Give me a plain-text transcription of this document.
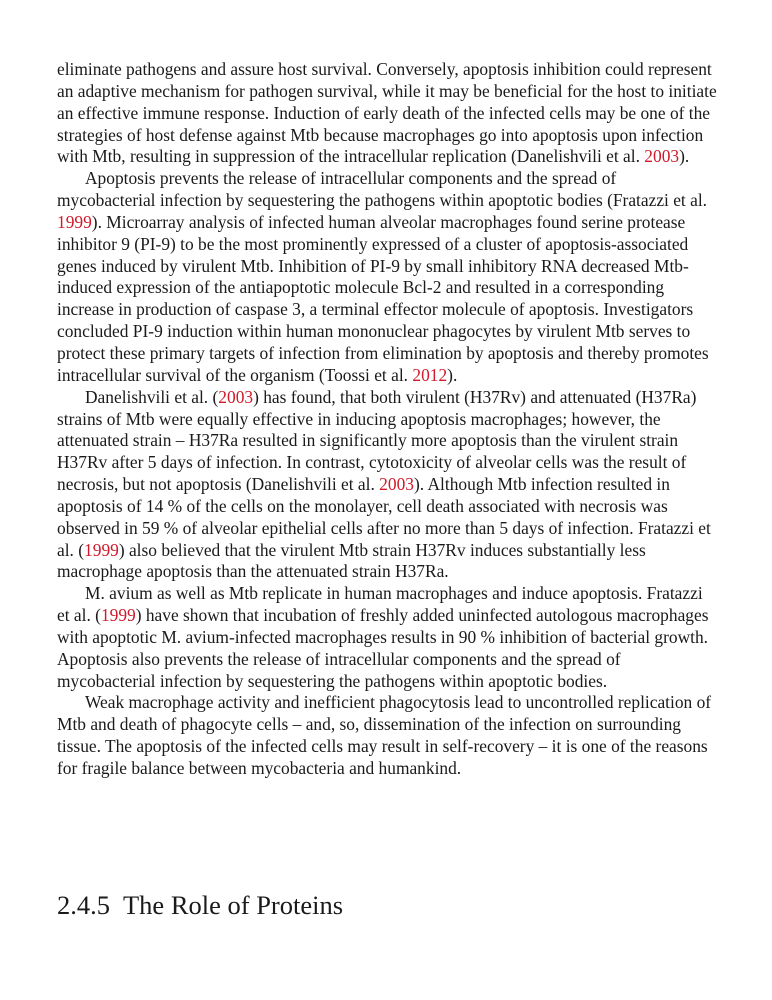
eliminate pathogens and assure host survival. Conversely, apoptosis inhibition could represent an adaptive mechanism for pathogen survival, while it may be beneficial for the host to initiate an effective immune response. Induction of early death of the infected cells may be one of the strategies of host defense against Mtb because macrophages go into apoptosis upon infection with Mtb, resulting in suppression of the intracellular replication (Danelishvili et al. 2003).

Apoptosis prevents the release of intracellular components and the spread of mycobacterial infection by sequestering the pathogens within apoptotic bodies (Fratazzi et al. 1999). Microarray analysis of infected human alveolar macrophages found serine protease inhibitor 9 (PI-9) to be the most prominently expressed of a cluster of apoptosis-associated genes induced by virulent Mtb. Inhibition of PI-9 by small inhibitory RNA decreased Mtb-induced expression of the antiapoptotic molecule Bcl-2 and resulted in a corresponding increase in production of caspase 3, a terminal effector molecule of apoptosis. Investigators concluded PI-9 induction within human mononuclear phagocytes by virulent Mtb serves to protect these primary targets of infection from elimination by apoptosis and thereby promotes intracellular survival of the organism (Toossi et al. 2012).

Danelishvili et al. (2003) has found, that both virulent (H37Rv) and attenuated (H37Ra) strains of Mtb were equally effective in inducing apoptosis macrophages; however, the attenuated strain – H37Ra resulted in significantly more apoptosis than the virulent strain H37Rv after 5 days of infection. In contrast, cytotoxicity of alveolar cells was the result of necrosis, but not apoptosis (Danelishvili et al. 2003). Although Mtb infection resulted in apoptosis of 14 % of the cells on the monolayer, cell death associated with necrosis was observed in 59 % of alveolar epithelial cells after no more than 5 days of infection. Fratazzi et al. (1999) also believed that the virulent Mtb strain H37Rv induces substantially less macrophage apoptosis than the attenuated strain H37Ra.

M. avium as well as Mtb replicate in human macrophages and induce apoptosis. Fratazzi et al. (1999) have shown that incubation of freshly added uninfected autologous macrophages with apoptotic M. avium-infected macrophages results in 90 % inhibition of bacterial growth. Apoptosis also prevents the release of intracellular components and the spread of mycobacterial infection by sequestering the pathogens within apoptotic bodies.

Weak macrophage activity and inefficient phagocytosis lead to uncontrolled replication of Mtb and death of phagocyte cells – and, so, dissemination of the infection on surrounding tissue. The apoptosis of the infected cells may result in self-recovery – it is one of the reasons for fragile balance between mycobacteria and humankind.

2.4.5 The Role of Proteins
